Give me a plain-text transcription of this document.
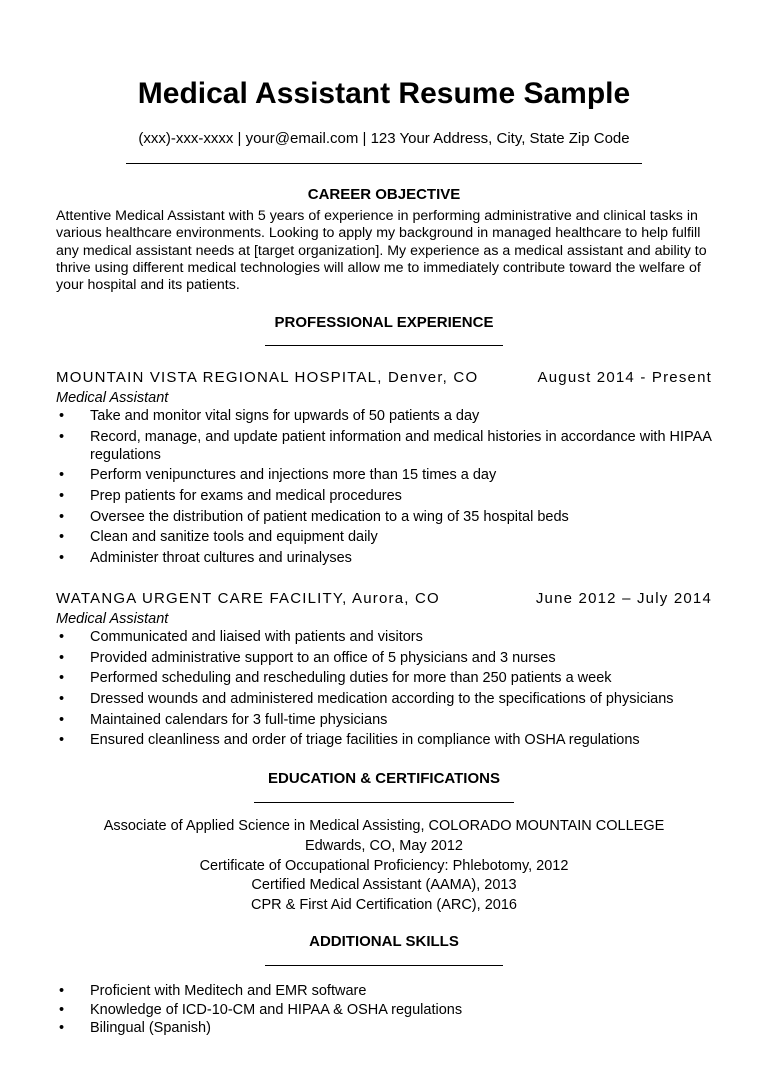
Medical Assistant Resume Sample
(xxx)-xxx-xxxx | your@email.com | 123 Your Address, City, State Zip Code
CAREER OBJECTIVE
Attentive Medical Assistant with 5 years of experience in performing administrative and clinical tasks in various healthcare environments. Looking to apply my background in managed healthcare to help fulfill any medical assistant needs at [target organization]. My experience as a medical assistant and ability to thrive using different medical technologies will allow me to immediately contribute toward the welfare of your hospital and its patients.
PROFESSIONAL EXPERIENCE
MOUNTAIN VISTA REGIONAL HOSPITAL, Denver, CO	August 2014 - Present
Medical Assistant
• Take and monitor vital signs for upwards of 50 patients a day
• Record, manage, and update patient information and medical histories in accordance with HIPAA regulations
• Perform venipunctures and injections more than 15 times a day
• Prep patients for exams and medical procedures
• Oversee the distribution of patient medication to a wing of 35 hospital beds
• Clean and sanitize tools and equipment daily
• Administer throat cultures and urinalyses
WATANGA URGENT CARE FACILITY, Aurora, CO	June 2012 – July 2014
Medical Assistant
• Communicated and liaised with patients and visitors
• Provided administrative support to an office of 5 physicians and 3 nurses
• Performed scheduling and rescheduling duties for more than 250 patients a week
• Dressed wounds and administered medication according to the specifications of physicians
• Maintained calendars for 3 full-time physicians
• Ensured cleanliness and order of triage facilities in compliance with OSHA regulations
EDUCATION & CERTIFICATIONS
Associate of Applied Science in Medical Assisting, COLORADO MOUNTAIN COLLEGE
Edwards, CO, May 2012
Certificate of Occupational Proficiency: Phlebotomy, 2012
Certified Medical Assistant (AAMA), 2013
CPR & First Aid Certification (ARC), 2016
ADDITIONAL SKILLS
• Proficient with Meditech and EMR software
• Knowledge of ICD-10-CM and HIPAA & OSHA regulations
• Bilingual (Spanish)
